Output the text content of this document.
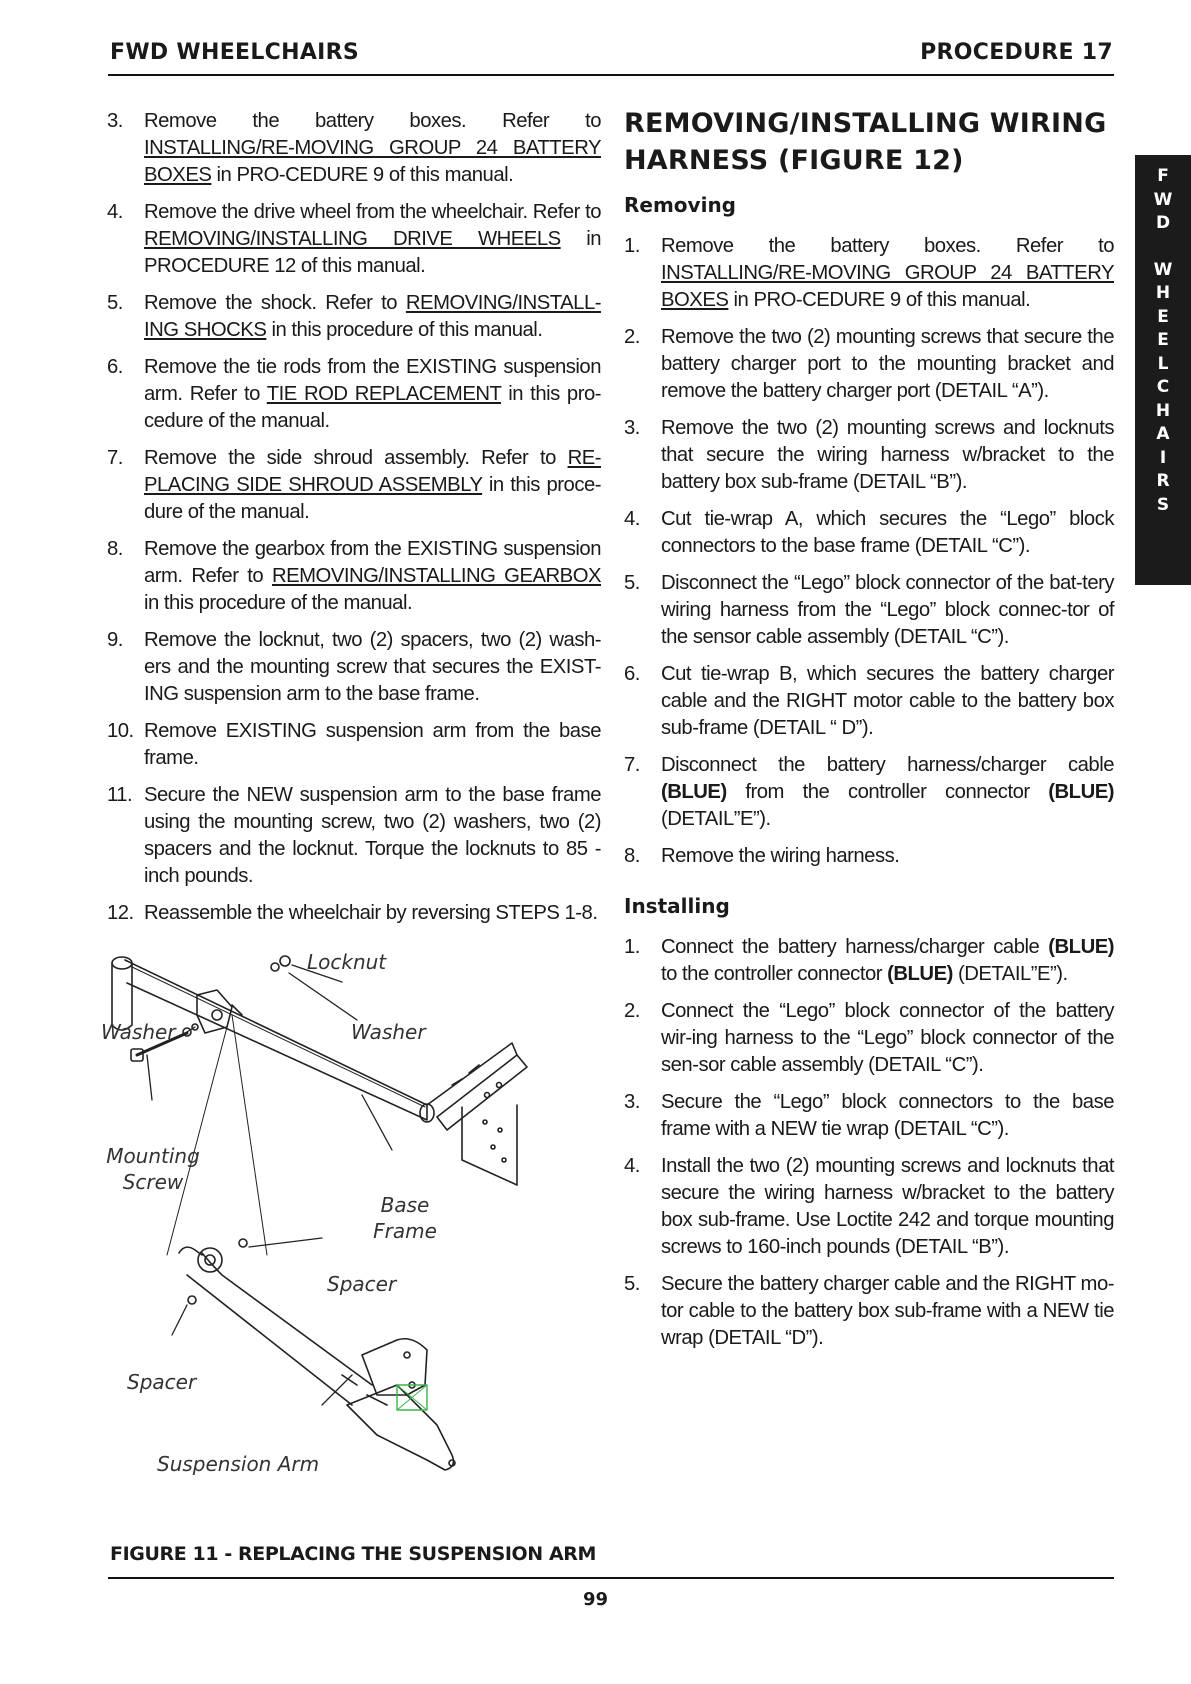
FWD WHEELCHAIRS	PROCEDURE 17
F
W
D
W
H
E
E
L
C
H
A
I
R
S
3. Remove the battery boxes. Refer to INSTALLING/RE-MOVING GROUP 24 BATTERY BOXES in PRO-CEDURE 9 of this manual.
4. Remove the drive wheel from the wheelchair. Refer to REMOVING/INSTALLING DRIVE WHEELS in PROCEDURE 12 of this manual.
5. Remove the shock. Refer to REMOVING/INSTALL-ING SHOCKS in this procedure of this manual.
6. Remove the tie rods from the EXISTING suspension arm. Refer to TIE ROD REPLACEMENT in this pro-cedure of the manual.
7. Remove the side shroud assembly. Refer to RE-PLACING SIDE SHROUD ASSEMBLY in this proce-dure of the manual.
8. Remove the gearbox from the EXISTING suspension arm. Refer to REMOVING/INSTALLING GEARBOX in this procedure of the manual.
9. Remove the locknut, two (2) spacers, two (2) wash-ers and the mounting screw that secures the EXIST-ING suspension arm to the base frame.
10. Remove EXISTING suspension arm from the base frame.
11. Secure the NEW suspension arm to the base frame using the mounting screw, two (2) washers, two (2) spacers and the locknut. Torque the locknuts to 85 -inch pounds.
12. Reassemble the wheelchair by reversing STEPS 1-8.
Locknut
Washer	Washer
Mounting Screw
Base Frame
Spacer
Spacer
Suspension Arm
FIGURE 11 - REPLACING THE SUSPENSION ARM
REMOVING/INSTALLING WIRING HARNESS (FIGURE 12)
Removing
1. Remove the battery boxes. Refer to INSTALLING/RE-MOVING GROUP 24 BATTERY BOXES in PRO-CEDURE 9 of this manual.
2. Remove the two (2) mounting screws that secure the battery charger port to the mounting bracket and remove the battery charger port (DETAIL “A”).
3. Remove the two (2) mounting screws and locknuts that secure the wiring harness w/bracket to the battery box sub-frame (DETAIL “B”).
4. Cut tie-wrap A, which secures the “Lego” block connectors to the base frame (DETAIL “C”).
5. Disconnect the “Lego” block connector of the bat-tery wiring harness from the “Lego” block connec-tor of the sensor cable assembly (DETAIL “C”).
6. Cut tie-wrap B, which secures the battery charger cable and the RIGHT motor cable to the battery box sub-frame (DETAIL “ D”).
7. Disconnect the battery harness/charger cable (BLUE) from the controller connector (BLUE) (DETAIL”E”).
8. Remove the wiring harness.
Installing
1. Connect the battery harness/charger cable (BLUE) to the controller connector (BLUE) (DETAIL”E”).
2. Connect the “Lego” block connector of the battery wir-ing harness to the “Lego” block connector of the sen-sor cable assembly (DETAIL “C”).
3. Secure the “Lego” block connectors to the base frame with a NEW tie wrap (DETAIL “C”).
4. Install the two (2) mounting screws and locknuts that secure the wiring harness w/bracket to the battery box sub-frame. Use Loctite 242 and torque mounting screws to 160-inch pounds (DETAIL “B”).
5. Secure the battery charger cable and the RIGHT mo-tor cable to the battery box sub-frame with a NEW tie wrap (DETAIL “D”).
99
